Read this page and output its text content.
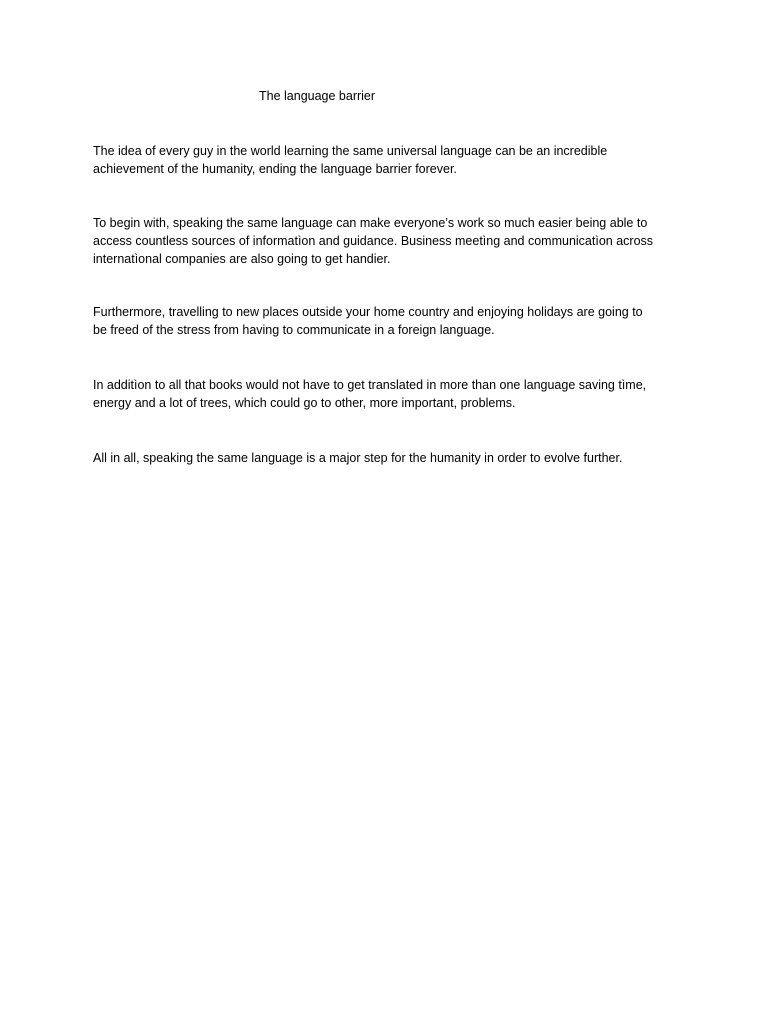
The language barrier

The idea of every guy in the world learning the same universal language can be an incredible
achievement of the humanity, ending the language barrier forever.

To begin with, speaking the same language can make everyone’s work so much easier being able to
access countless sources of informatìon and guidance. Business meetìng and communicatìon across
internatìonal companies are also going to get handier.

Furthermore, travelling to new places outside your home country and enjoying holidays are going to
be freed of the stress from having to communicate in a foreign language.

In additìon to all that books would not have to get translated in more than one language saving tìme,
energy and a lot of trees, which could go to other, more important, problems.

All in all, speaking the same language is a major step for the humanity in order to evolve further.
